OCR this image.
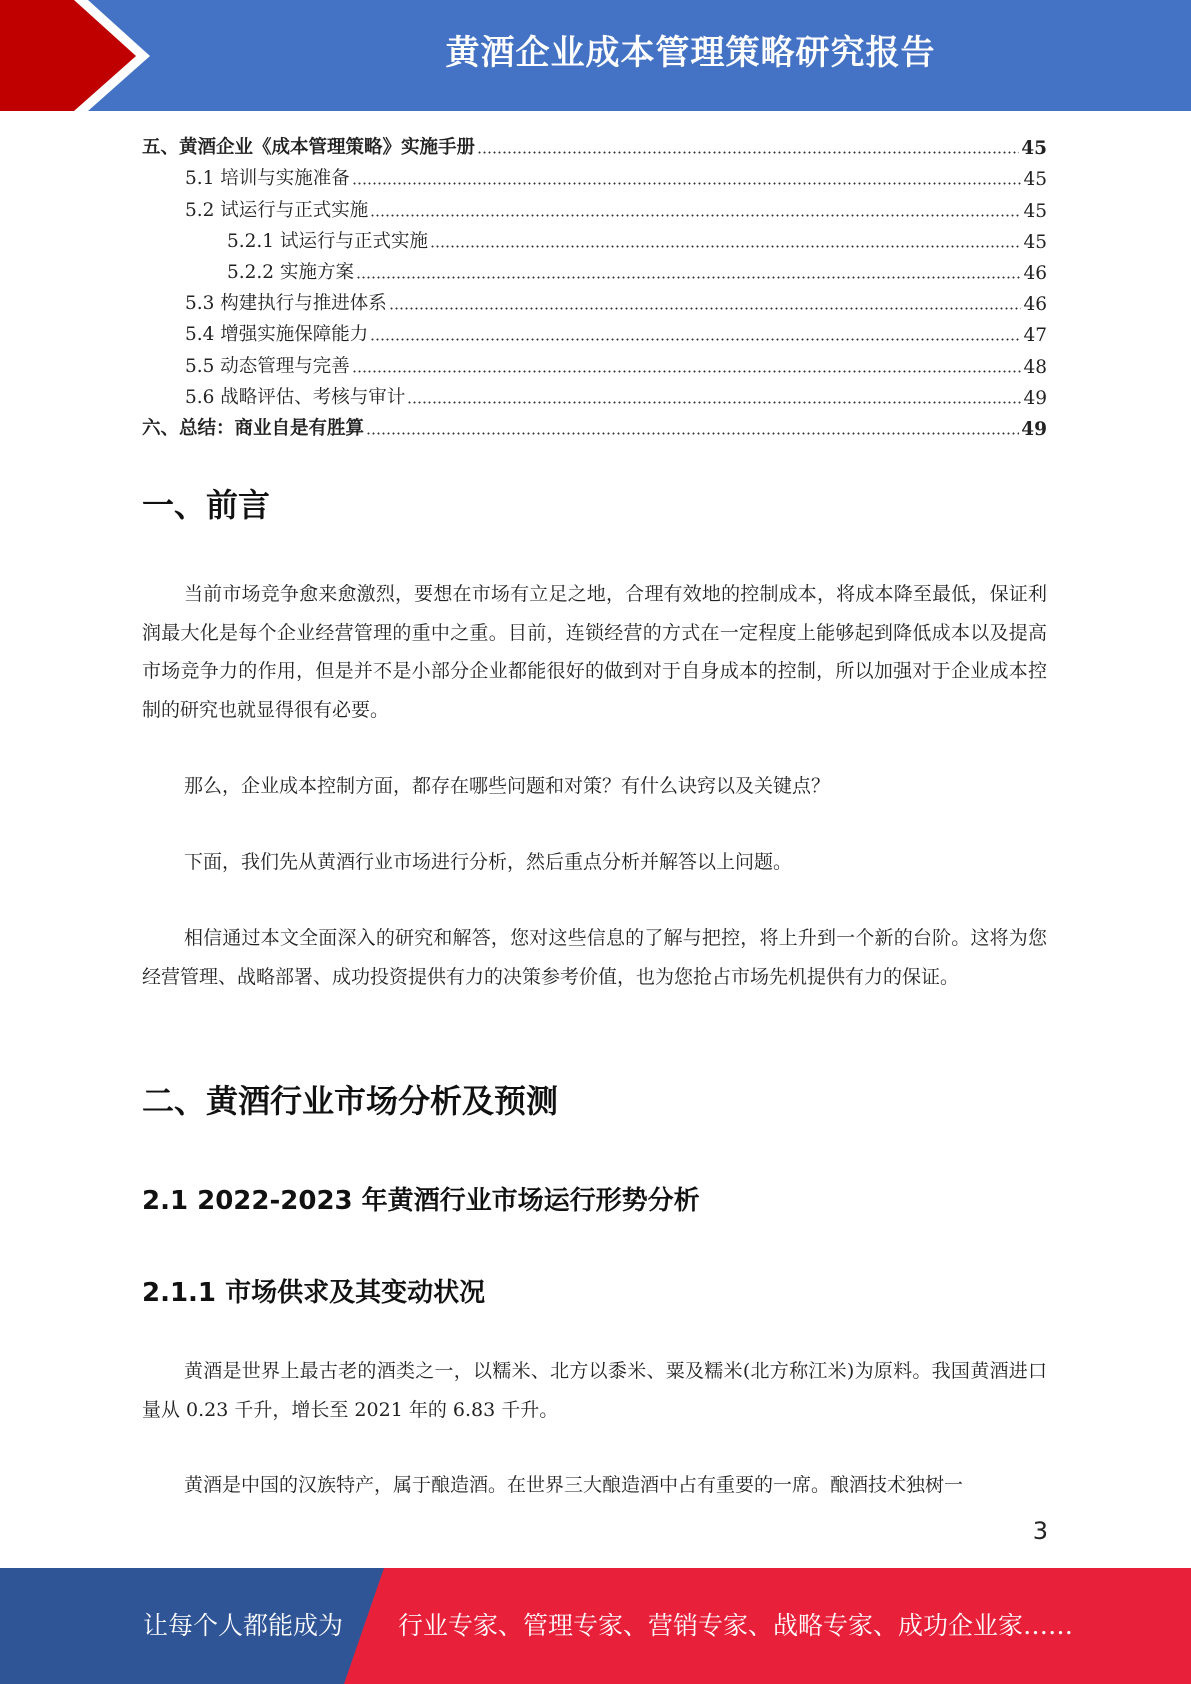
黄酒企业成本管理策略研究报告
五、黄酒企业《成本管理策略》实施手册	45
5.1 培训与实施准备	45
5.2 试运行与正式实施	45
5.2.1 试运行与正式实施	45
5.2.2 实施方案	46
5.3 构建执行与推进体系	46
5.4 增强实施保障能力	47
5.5 动态管理与完善	48
5.6 战略评估、考核与审计	49
六、总结：商业自是有胜算	49
一、前言

当前市场竞争愈来愈激烈，要想在市场有立足之地，合理有效地的控制成本，将成本降至最低，保证利润最大化是每个企业经营管理的重中之重。目前，连锁经营的方式在一定程度上能够起到降低成本以及提高市场竞争力的作用，但是并不是小部分企业都能很好的做到对于自身成本的控制，所以加强对于企业成本控制的研究也就显得很有必要。

那么，企业成本控制方面，都存在哪些问题和对策？有什么诀窍以及关键点？

下面，我们先从黄酒行业市场进行分析，然后重点分析并解答以上问题。

相信通过本文全面深入的研究和解答，您对这些信息的了解与把控，将上升到一个新的台阶。这将为您经营管理、战略部署、成功投资提供有力的决策参考价值，也为您抢占市场先机提供有力的保证。

二、黄酒行业市场分析及预测
2.1 2022-2023 年黄酒行业市场运行形势分析
2.1.1 市场供求及其变动状况

黄酒是世界上最古老的酒类之一，以糯米、北方以黍米、粟及糯米(北方称江米)为原料。我国黄酒进口量从 0.23 千升，增长至 2021 年的 6.83 千升。

黄酒是中国的汉族特产，属于酿造酒。在世界三大酿造酒中占有重要的一席。酿酒技术独树一

3
让每个人都能成为 行业专家、管理专家、营销专家、战略专家、成功企业家……
